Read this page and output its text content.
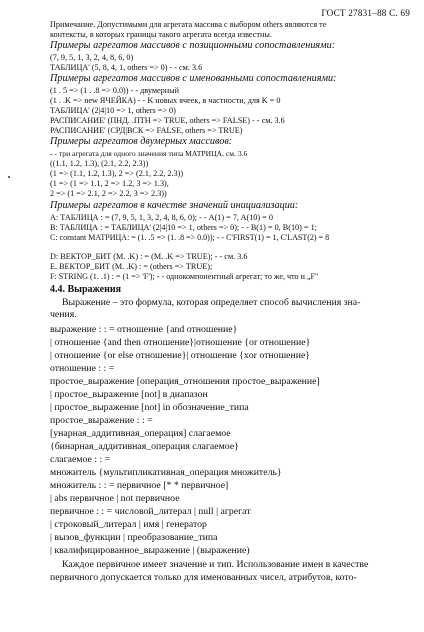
ГОСТ 27831–88 С. 69
Примечание. Допустимыми для агрегата массива с выбором others являются те
контексты, в которых границы такого агрегата всегда известны.
Примеры агрегатов массивов с позиционными сопоставлениями:
(7, 9, 5, 1, 3, 2, 4, 8, 6, 0)
ТАБЛИЦА' (5, 8, 4, 1, others => 0) - - см. 3.6
Примеры агрегатов массивов с именованными сопоставлениями:
(1 . 5 => (1 . .8 => 0.0)) - - двумерный
(1 . .K => new ЯЧЕЙКА) - - K новых ячеек, в частности, для K = 0
ТАБЛИЦА' (2|4|10 => 1, others => 0)
РАСПИСАНИЕ' (ПНД. .ПТН => TRUE, others => FALSE) - - см. 3.6
РАСПИСАНИЕ' (СРД|ВСК => FALSE, others => TRUE)
Примеры агрегатов двумерных массивов:
- - три агрегата для одного значения типа МАТРИЦА, см. 3.6
((1.1, 1.2, 1.3), (2.1, 2.2, 2.3))
(1 => (1.1, 1.2, 1.3), 2 => (2.1, 2.2, 2.3))
(1 => (1 => 1.1, 2 => 1.2, 3 => 1.3),
2 => (1 => 2.1, 2 => 2.2, 3 => 2.3))
Примеры агрегатов в качестве значений инициализации:
A: ТАБЛИЦА : = (7, 9, 5, 1, 3, 2, 4, 8, 6, 0); - - A(1) = 7, A(10) = 0
B: ТАБЛИЦА : = ТАБЛИЦА' (2|4|10 => 1, others => 0); - - B(1) = 0, B(10) = 1;
C: constant МАТРИЦА: = (1. .5 => (1. .8 => 0.0)); - - C'FIRST(1) = 1, C'LAST(2) = 8
D: ВЕКТОР_БИТ (M. .K) : = (M. .K => TRUE); - - см. 3.6
E. ВЕКТОР_БИТ (M. .K) : = (others => TRUE);
F: STRING (1. .1) : = (1 => 'F'); - - однокомпонентный агрегат; то же, что и „F"
4.4. Выражения
Выражение – это формула, которая определяет способ вычисления зна-
чения.
выражение : : = отношение {and отношение}
| отношение {and then отношение}|отношение {or отношение}
| отношение {or else отношение}| отношение {xor отношение}
отношение : : =
простое_выражение [операция_отношения простое_выражение]
| простое_выражение [not] в диапазон
| простое_выражение [not] in обозначение_типа
простое_выражение : : =
[унарная_аддитивная_операция] слагаемое
{бинарная_аддитивная_операция слагаемое}
слагаемое : : =
множитель {мультипликативная_операция множитель}
множитель : : = первичное [* * первичное]
| abs первичное | not первичное
первичное : : = числовой_литерал | null | агрегат
| строковый_литерал | имя | генератор
| вызов_функции | преобразование_типа
| квалифицированное_выражение | (выражение)
Каждое первичное имеет значение и тип. Использование имен в качестве
первичного допускается только для именованных чисел, атрибутов, кото-
